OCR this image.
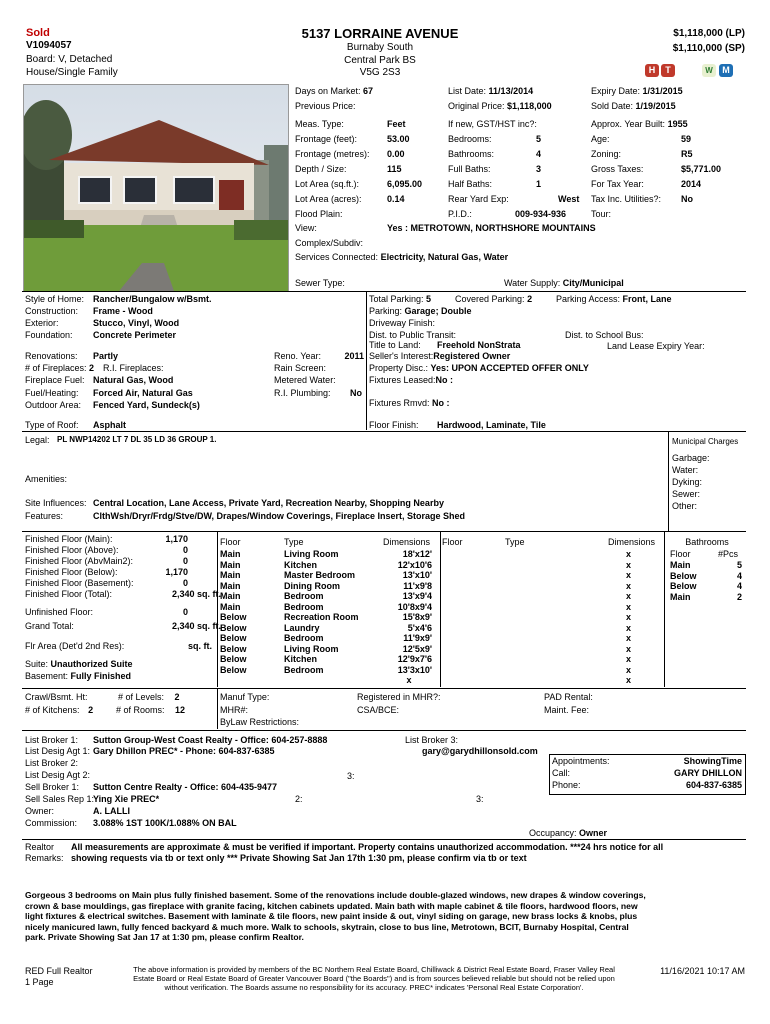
Sold
V1094057
Board: V, Detached
House/Single Family
5137 LORRAINE AVENUE
Burnaby South
Central Park BS
V5G 2S3
$1,118,000 (LP)
$1,110,000 (SP)
H	T	W	M
Days on Market: 67
Previous Price:
List Date: 11/13/2014
Original Price: $1,118,000
Expiry Date: 1/31/2015
Sold Date: 1/19/2015
Meas. Type:	Feet
Frontage (feet):	53.00
Frontage (metres): 0.00
Depth / Size:	115
Lot Area (sq.ft.):	6,095.00
Lot Area (acres):	0.14
Flood Plain:
View:	Yes : METROTOWN, NORTHSHORE MOUNTAINS
Complex/Subdiv:
Services Connected: Electricity, Natural Gas, Water
Sewer Type:	Water Supply: City/Municipal
If new, GST/HST inc?:
Bedrooms:	5
Bathrooms:	4
Full Baths:	3
Half Baths:	1
Rear Yard Exp:	West
P.I.D.:	009-934-936
Approx. Year Built: 1955
Age:	59
Zoning:	R5
Gross Taxes:	$5,771.00
For Tax Year:	2014
Tax Inc. Utilities?: No
Tour:
Style of Home: Rancher/Bungalow w/Bsmt.
Construction: Frame - Wood
Exterior:	Stucco, Vinyl, Wood
Foundation: Concrete Perimeter
Renovations: Partly
# of Fireplaces: 2 R.I. Fireplaces:
Fireplace Fuel: Natural Gas, Wood
Fuel/Heating: Forced Air, Natural Gas
Outdoor Area: Fenced Yard, Sundeck(s)
Type of Roof: Asphalt
Reno. Year:	2011
Rain Screen:
Metered Water:
R.I. Plumbing: No
Total Parking: 5	Covered Parking: 2	Parking Access: Front, Lane
Parking: Garage; Double
Driveway Finish:
Dist. to Public Transit:	Dist. to School Bus:
Title to Land: Freehold NonStrata	Land Lease Expiry Year:
Seller's Interest:Registered Owner
Property Disc.: Yes: UPON ACCEPTED OFFER ONLY
Fixtures Leased:No :
Fixtures Rmvd: No :
Floor Finish: Hardwood, Laminate, Tile
Legal: PL NWP14202 LT 7 DL 35 LD 36 GROUP 1.	Municipal Charges
Garbage:
Water:
Dyking:
Sewer:
Other:
Amenities:
Site Influences: Central Location, Lane Access, Private Yard, Recreation Nearby, Shopping Nearby
Features:	ClthWsh/Dryr/Frdg/Stve/DW, Drapes/Window Coverings, Fireplace Insert, Storage Shed
Finished Floor (Main):	1,170
Finished Floor (Above):	0
Finished Floor (AbvMain2):	0
Finished Floor (Below):	1,170
Finished Floor (Basement):	0
Finished Floor (Total):	2,340 sq. ft.
Unfinished Floor:	0
Grand Total:	2,340 sq. ft.
Flr Area (Det'd 2nd Res):	sq. ft.
Suite: Unauthorized Suite
Basement: Fully Finished
Floor	Type	Dimensions Floor	Type	Dimensions
Main	Living Room	18'x12'
Main	Kitchen	12'x10'6
Main	Master Bedroom	13'x10'
Main	Dining Room	11'x9'8
Main	Bedroom	13'x9'4
Main	Bedroom	10'8x9'4
Below	Recreation Room	15'8x9'
Below	Laundry	5'x4'6
Below	Bedroom	11'9x9'
Below	Living Room	12'5x9'
Below	Kitchen	12'9x7'6
Below	Bedroom	13'3x10'
x
x
x
x
x
x
x
x
x
x
x
x
x
x
Bathrooms
Floor	#Pcs
Main	5
Below	4
Below	4
Main	2
Crawl/Bsmt. Ht:	# of Levels: 2
# of Kitchens: 2	# of Rooms: 12
Manuf Type:
MHR#:
ByLaw Restrictions:
Registered in MHR?:
CSA/BCE:
PAD Rental:
Maint. Fee:
List Broker 1: Sutton Group-West Coast Realty - Office: 604-257-8888
List Desig Agt 1: Gary Dhillon PREC* - Phone: 604-837-6385
List Broker 2:
List Desig Agt 2:
Sell Broker 1: Sutton Centre Realty - Office: 604-435-9477
Sell Sales Rep 1:
Ying Xie PREC*
Owner:	A. LALLI
Commission: 3.088% 1ST 100K/1.088% ON BAL
List Broker 3:
gary@garydhillonsold.com
3:
2:	3:
Appointments:	ShowingTime
Call:	GARY DHILLON
Phone:	604-837-6385
Occupancy: Owner
Realtor
Remarks:
All measurements are approximate & must be verified if important. Property contains unauthorized accommodation. ***24 hrs notice for all
showing requests via tb or text only *** Private Showing Sat Jan 17th 1:30 pm, please confirm via tb or text
Gorgeous 3 bedrooms on Main plus fully finished basement. Some of the renovations include double-glazed windows, new drapes & window coverings,
crown & base mouldings, gas fireplace with granite facing, kitchen cabinets updated. Main bath with maple cabinet & tile floors, hardwood floors, new
light fixtures & electrical switches. Basement with laminate & tile floors, new paint inside & out, vinyl siding on garage, new brass locks & knobs, plus
nicely manicured lawn, fully fenced backyard & much more. Walk to schools, skytrain, close to bus line, Metrotown, BCIT, Burnaby Hospital, Central
park. Private Showing Sat Jan 17 at 1:30 pm, please confirm Realtor.
RED Full Realtor
1 Page
The above information is provided by members of the BC Northern Real Estate Board, Chilliwack & District Real Estate Board, Fraser Valley Real
Estate Board or Real Estate Board of Greater Vancouver Board ("the Boards") and is from sources believed reliable but should not be relied upon
without verification. The Boards assume no responsibility for its accuracy. PREC* indicates 'Personal Real Estate Corporation'.
11/16/2021 10:17 AM
